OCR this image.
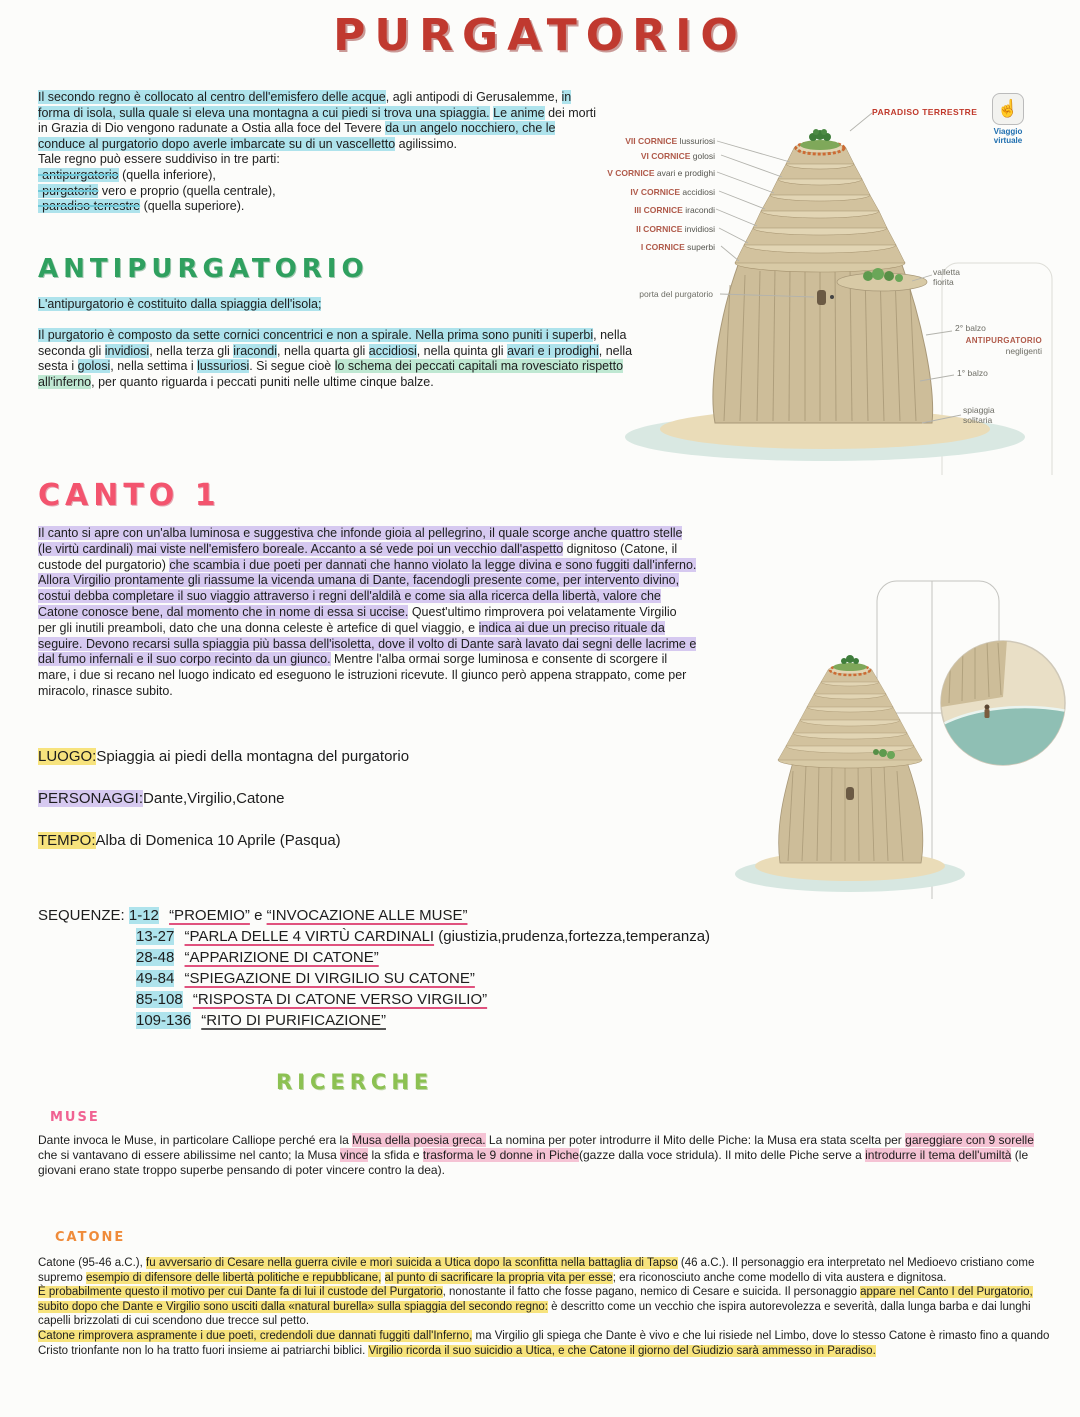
PURGATORIO
Il secondo regno è collocato al centro dell'emisfero delle acque, agli antipodi di Gerusalemme, in forma di isola, sulla quale si eleva una montagna a cui piedi si trova una spiaggia. Le anime dei morti in Grazia di Dio vengono radunate a Ostia alla foce del Tevere da un angelo nocchiero, che le conduce al purgatorio dopo averle imbarcate su di un vascelletto agilissimo.
Tale regno può essere suddiviso in tre parti:
-antipurgatorio (quella inferiore),
-purgatorio vero e proprio (quella centrale),
-paradiso terrestre (quella superiore).
PARADISO TERRESTRE
VII CORNICE lussuriosi
VI CORNICE golosi
V CORNICE avari e prodighi
IV CORNICE accidiosi
III CORNICE iracondi
II CORNICE invidiosi
I CORNICE superbi
porta del purgatorio
valletta fiorita
2° balzo
ANTIPURGATORIO
negligenti
1° balzo
spiaggia solitaria
☝
Viaggio
virtuale
ANTIPURGATORIO
L'antipurgatorio è costituito dalla spiaggia dell'isola;
Il purgatorio è composto da sette cornici concentrici e non a spirale. Nella prima sono puniti i superbi, nella seconda gli invidiosi, nella terza gli iracondi, nella quarta gli accidiosi, nella quinta gli avari e i prodighi, nella sesta i golosi, nella settima i lussuriosi. Si segue cioè lo schema dei peccati capitali ma rovesciato rispetto all'inferno, per quanto riguarda i peccati puniti nelle ultime cinque balze.
CANTO 1
Il canto si apre con un'alba luminosa e suggestiva che infonde gioia al pellegrino, il quale scorge anche quattro stelle (le virtù cardinali) mai viste nell'emisfero boreale. Accanto a sé vede poi un vecchio dall'aspetto dignitoso (Catone, il custode del purgatorio) che scambia i due poeti per dannati che hanno violato la legge divina e sono fuggiti dall'inferno. Allora Virgilio prontamente gli riassume la vicenda umana di Dante, facendogli presente come, per intervento divino, costui debba completare il suo viaggio attraverso i regni dell'aldilà e come sia alla ricerca della libertà, valore che Catone conosce bene, dal momento che in nome di essa si uccise. Quest'ultimo rimprovera poi velatamente Virgilio per gli inutili preamboli, dato che una donna celeste è artefice di quel viaggio, e indica ai due un preciso rituale da seguire. Devono recarsi sulla spiaggia più bassa dell'isoletta, dove il volto di Dante sarà lavato dai segni delle lacrime e dal fumo infernali e il suo corpo recinto da un giunco. Mentre l'alba ormai sorge luminosa e consente di scorgere il mare, i due si recano nel luogo indicato ed eseguono le istruzioni ricevute. Il giunco però appena strappato, come per miracolo, rinasce subito.
LUOGO:Spiaggia ai piedi della montagna del purgatorio
PERSONAGGI:Dante,Virgilio,Catone
TEMPO:Alba di Domenica 10 Aprile (Pasqua)
SEQUENZE: 1-12 “PROEMIO” e “INVOCAZIONE ALLE MUSE”
13-27 “PARLA DELLE 4 VIRTÙ CARDINALI (giustizia,prudenza,fortezza,temperanza)
28-48 “APPARIZIONE DI CATONE”
49-84 “SPIEGAZIONE DI VIRGILIO SU CATONE”
85-108 “RISPOSTA DI CATONE VERSO VIRGILIO”
109-136 “RITO DI PURIFICAZIONE”
RICERCHE
MUSE
Dante invoca le Muse, in particolare Calliope perché era la Musa della poesia greca. La nomina per poter introdurre il Mito delle Piche: la Musa era stata scelta per gareggiare con 9 sorelle che si vantavano di essere abilissime nel canto; la Musa vince la sfida e trasforma le 9 donne in Piche(gazze dalla voce stridula). Il mito delle Piche serve a introdurre il tema dell'umiltà (le giovani erano state troppo superbe pensando di poter vincere contro la dea).
CATONE

Catone (95-46 a.C.), fu avversario di Cesare nella guerra civile e morì suicida a Utica dopo la sconfitta nella battaglia di Tapso (46 a.C.). Il personaggio era interpretato nel Medioevo cristiano come supremo esempio di difensore delle libertà politiche e repubblicane, al punto di sacrificare la propria vita per esse; era riconosciuto anche come modello di vita austera e dignitosa.

È probabilmente questo il motivo per cui Dante fa di lui il custode del Purgatorio, nonostante il fatto che fosse pagano, nemico di Cesare e suicida. Il personaggio appare nel Canto I del Purgatorio, subito dopo che Dante e Virgilio sono usciti dalla «natural burella» sulla spiaggia del secondo regno: è descritto come un vecchio che ispira autorevolezza e severità, dalla lunga barba e dai lunghi capelli brizzolati di cui scendono due trecce sul petto.

Catone rimprovera aspramente i due poeti, credendoli due dannati fuggiti dall'Inferno, ma Virgilio gli spiega che Dante è vivo e che lui risiede nel Limbo, dove lo stesso Catone è rimasto fino a quando Cristo trionfante non lo ha tratto fuori insieme ai patriarchi biblici. Virgilio ricorda il suo suicidio a Utica, e che Catone il giorno del Giudizio sarà ammesso in Paradiso.
